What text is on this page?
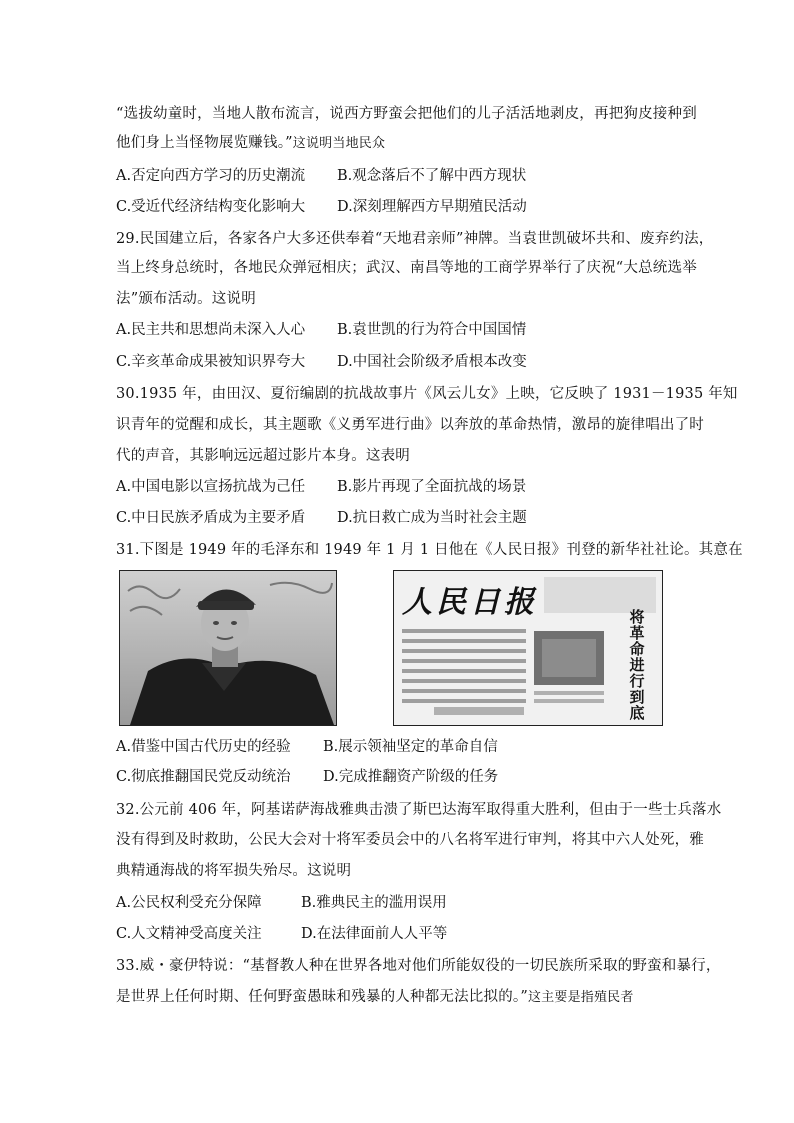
“选拔幼童时，当地人散布流言，说西方野蛮会把他们的儿子活活地剥皮，再把狗皮接种到
他们身上当怪物展览赚钱。”这说明当地民众
A.否定向西方学习的历史潮流 B.观念落后不了解中西方现状
C.受近代经济结构变化影响大 D.深刻理解西方早期殖民活动
29.民国建立后，各家各户大多还供奉着“天地君亲师”神牌。当袁世凯破坏共和、废弃约法，
当上终身总统时，各地民众弹冠相庆；武汉、南昌等地的工商学界举行了庆祝“大总统选举
法”颁布活动。这说明
A.民主共和思想尚未深入人心 B.袁世凯的行为符合中国国情
C.辛亥革命成果被知识界夸大 D.中国社会阶级矛盾根本改变
30.1935 年，由田汉、夏衍编剧的抗战故事片《风云儿女》上映，它反映了 1931－1935 年知
识青年的觉醒和成长，其主题歌《义勇军进行曲》以奔放的革命热情，激昂的旋律唱出了时
代的声音，其影响远远超过影片本身。这表明
A.中国电影以宣扬抗战为己任 B.影片再现了全面抗战的场景
C.中日民族矛盾成为主要矛盾 D.抗日救亡成为当时社会主题
31.下图是 1949 年的毛泽东和 1949 年 1 月 1 日他在《人民日报》刊登的新华社社论。其意在
人民日报	将
革
命
进
行
到
底
A.借鉴中国古代历史的经验 B.展示领袖坚定的革命自信
C.彻底推翻国民党反动统治 D.完成推翻资产阶级的任务
32.公元前 406 年，阿基诺萨海战雅典击溃了斯巴达海军取得重大胜利，但由于一些士兵落水
没有得到及时救助，公民大会对十将军委员会中的八名将军进行审判，将其中六人处死，雅
典精通海战的将军损失殆尽。这说明
A.公民权利受充分保障	B.雅典民主的滥用误用
C.人文精神受高度关注	D.在法律面前人人平等
33.威・豪伊特说：“基督教人种在世界各地对他们所能奴役的一切民族所采取的野蛮和暴行，
是世界上任何时期、任何野蛮愚昧和残暴的人种都无法比拟的。”这主要是指殖民者
